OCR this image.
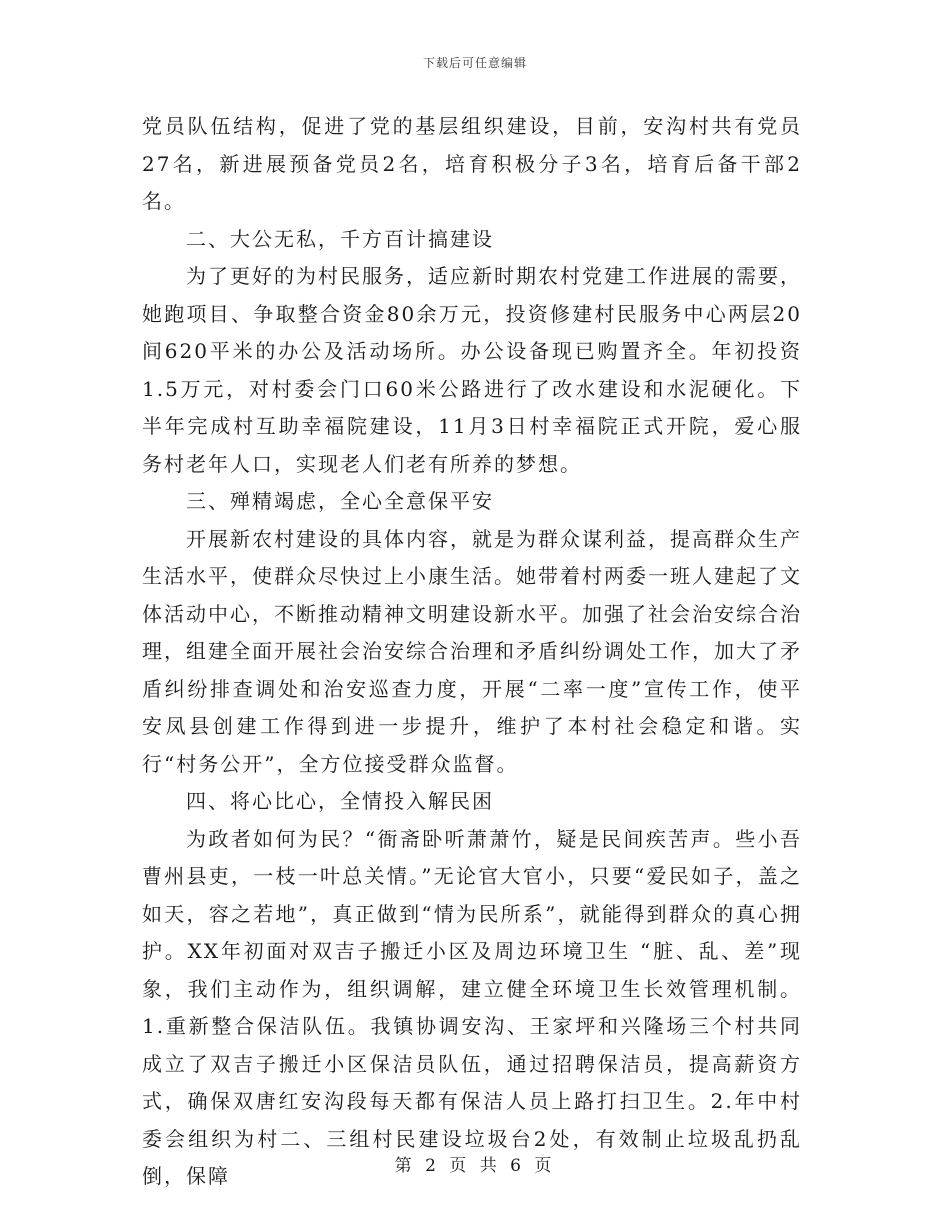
下载后可任意编辑

党员队伍结构，促进了党的基层组织建设，目前，安沟村共有党员27名，新进展预备党员2名，培育积极分子3名，培育后备干部2名。

二、大公无私，千方百计搞建设

为了更好的为村民服务，适应新时期农村党建工作进展的需要，她跑项目、争取整合资金80余万元，投资修建村民服务中心两层20间620平米的办公及活动场所。办公设备现已购置齐全。年初投资1.5万元，对村委会门口60米公路进行了改水建设和水泥硬化。下半年完成村互助幸福院建设，11月3日村幸福院正式开院，爱心服务村老年人口，实现老人们老有所养的梦想。

三、殚精竭虑，全心全意保平安

开展新农村建设的具体内容，就是为群众谋利益，提高群众生产生活水平，使群众尽快过上小康生活。她带着村两委一班人建起了文体活动中心，不断推动精神文明建设新水平。加强了社会治安综合治理，组建全面开展社会治安综合治理和矛盾纠纷调处工作，加大了矛盾纠纷排查调处和治安巡查力度，开展“二率一度”宣传工作，使平安凤县创建工作得到进一步提升，维护了本村社会稳定和谐。实行“村务公开”，全方位接受群众监督。

四、将心比心，全情投入解民困

为政者如何为民？“衙斋卧听萧萧竹，疑是民间疾苦声。些小吾曹州县吏，一枝一叶总关情。”无论官大官小，只要“爱民如子，盖之如天，容之若地”，真正做到“情为民所系”，就能得到群众的真心拥护。XX年初面对双吉子搬迁小区及周边环境卫生 “脏、乱、差”现象，我们主动作为，组织调解，建立健全环境卫生长效管理机制。1.重新整合保洁队伍。我镇协调安沟、王家坪和兴隆场三个村共同成立了双吉子搬迁小区保洁员队伍，通过招聘保洁员，提高薪资方式，确保双唐红安沟段每天都有保洁人员上路打扫卫生。2.年中村委会组织为村二、三组村民建设垃圾台2处，有效制止垃圾乱扔乱倒，保障	第 2 页 共 6 页
